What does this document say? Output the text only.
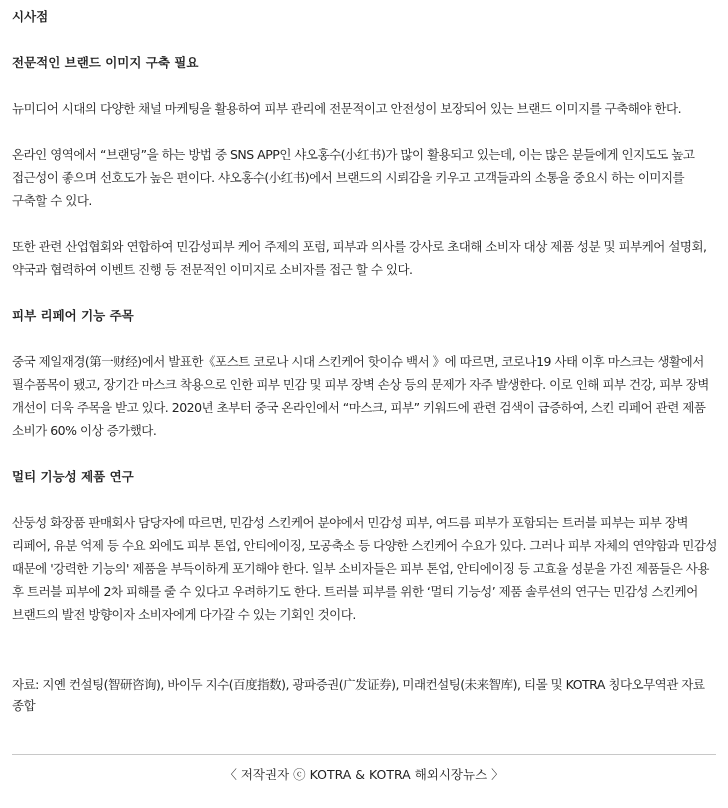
시사점
전문적인 브랜드 이미지 구축 필요

뉴미디어 시대의 다양한 채널 마케팅을 활용하여 피부 관리에 전문적이고 안전성이 보장되어 있는 브랜드 이미지를 구축해야 한다.

온라인 영역에서 “브랜딩”을 하는 방법 중 SNS APP인 샤오홍수(小红书)가 많이 활용되고 있는데, 이는 많은 분들에게 인지도도 높고 접근성이 좋으며 선호도가 높은 편이다. 샤오홍수(小红书)에서 브랜드의 시뢰감을 키우고 고객들과의 소통을 중요시 하는 이미지를 구축할 수 있다.

또한 관련 산업협회와 연합하여 민감성피부 케어 주제의 포럼, 피부과 의사를 강사로 초대해 소비자 대상 제품 성분 및 피부케어 설명회, 약국과 협력하여 이벤트 진행 등 전문적인 이미지로 소비자를 접근 할 수 있다.

피부 리페어 기능 주목

중국 제일재경(第一财经)에서 발표한《포스트 코로나 시대 스킨케어 핫이슈 백서 》에 따르면, 코로나19 사태 이후 마스크는 생활에서 필수품목이 됐고, 장기간 마스크 착용으로 인한 피부 민감 및 피부 장벽 손상 등의 문제가 자주 발생한다. 이로 인해 피부 건강, 피부 장벽 개선이 더욱 주목을 받고 있다. 2020년 초부터 중국 온라인에서 “마스크, 피부” 키워드에 관련 검색이 급증하여, 스킨 리페어 관련 제품 소비가 60% 이상 증가했다.

멀티 기능성 제품 연구

산둥성 화장품 판매회사 담당자에 따르면, 민감성 스킨케어 분야에서 민감성 피부, 여드름 피부가 포함되는 트러블 피부는 피부 장벽 리페어, 유분 억제 등 수요 외에도 피부 톤업, 안티에이징, 모공축소 등 다양한 스킨케어 수요가 있다. 그러나 피부 자체의 연약함과 민감성 때문에 '강력한 기능의' 제품을 부득이하게 포기해야 한다. 일부 소비자들은 피부 톤업, 안티에이징 등 고효율 성분을 가진 제품들은 사용 후 트러블 피부에 2차 피해를 줄 수 있다고 우려하기도 한다. 트러블 피부를 위한 ‘멀티 기능성’ 제품 솔루션의 연구는 민감성 스킨케어 브랜드의 발전 방향이자 소비자에게 다가갈 수 있는 기회인 것이다.

자료: 지옌 컨설팅(智研咨询), 바이두 지수(百度指数), 광파증권(广发证券), 미래컨설팅(未来智库), 티몰 및 KOTRA 칭다오무역관 자료 종합

〈 저작권자 ⓒ KOTRA & KOTRA 해외시장뉴스 〉
